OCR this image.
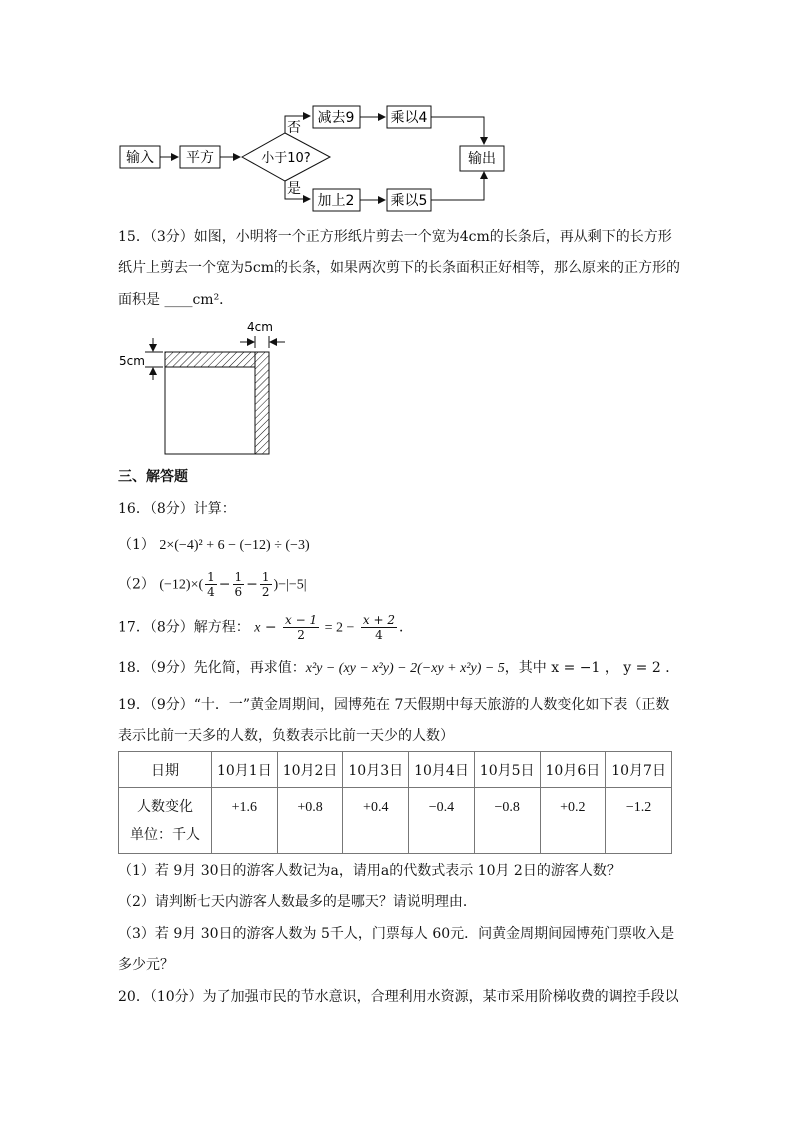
输入 平方	小于10?
否
减去9	乘以4
是
加上2	乘以5
输出
15．（3分）如图，小明将一个正方形纸片剪去一个宽为4cm的长条后，再从剩下的长方形
纸片上剪去一个宽为5cm的长条，如果两次剪下的长条面积正好相等，那么原来的正方形的
面积是 ____cm²．
4cm
5cm
三、解答题
16．（8分）计算：
（1） 2×(−4)² + 6 − (−12) ÷ (−3)
（2） $(-12)\times( \frac{1}{4} - \frac{1}{6} - \frac{1}{2} )-|-5|$
17．（8分）解方程： $x - \frac{x - 1}{2} = 2 - \frac{x + 2}{4}$ ．
18．（9分）先化简，再求值：x²y − (xy − x²y) − 2(−xy + x²y) − 5，其中 x = −1 ， y = 2 ．
19．（9分）“十．一”黄金周期间，园博苑在 7天假期中每天旅游的人数变化如下表（正数
表示比前一天多的人数，负数表示比前一天少的人数）
日期	10月1日	10月2日	10月3日	10月4日	10月5日	10月6日	10月7日
人数变化
单位：千人	+1.6	+0.8	+0.4	−0.4	−0.8	+0.2	−1.2
（1）若 9月 30日的游客人数记为a，请用a的代数式表示 10月 2日的游客人数？
（2）请判断七天内游客人数最多的是哪天？请说明理由．
（3）若 9月 30日的游客人数为 5千人，门票每人 60元．问黄金周期间园博苑门票收入是
多少元？
20．（10分）为了加强市民的节水意识，合理利用水资源，某市采用阶梯收费的调控手段以
